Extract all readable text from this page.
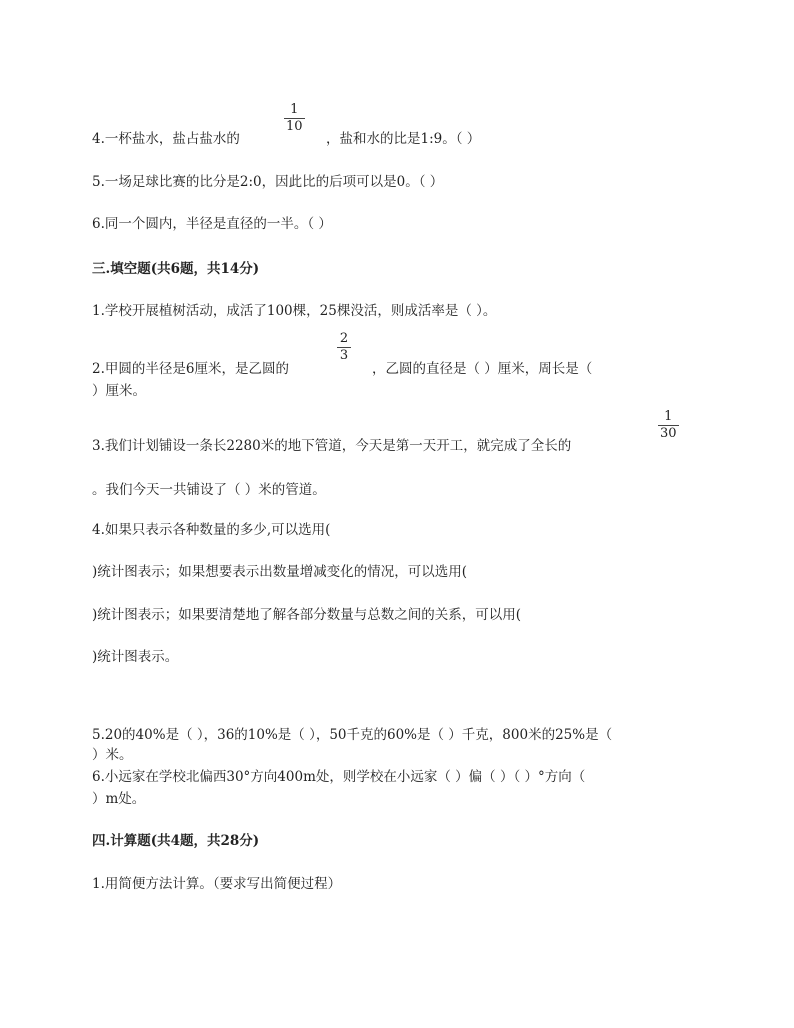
4.一杯盐水，盐占盐水的
1
10
，盐和水的比是1:9。（ ）
5.一场足球比赛的比分是2:0，因此比的后项可以是0。（ ）
6.同一个圆内，半径是直径的一半。（ ）
三.填空题(共6题，共14分)
1.学校开展植树活动，成活了100棵，25棵没活，则成活率是（ ）。
2.甲圆的半径是6厘米，是乙圆的
2
3
，乙圆的直径是（ ）厘米，周长是（
）厘米。
3.我们计划铺设一条长2280米的地下管道，今天是第一天开工，就完成了全长的
1
30
。我们今天一共铺设了（ ）米的管道。
4.如果只表示各种数量的多少,可以选用(
)统计图表示；如果想要表示出数量增减变化的情况，可以选用(
)统计图表示；如果要清楚地了解各部分数量与总数之间的关系，可以用(
)统计图表示。
5.20的40%是（ ），36的10%是（ ），50千克的60%是（ ）千克，800米的25%是（
）米。
6.小远家在学校北偏西30°方向400m处，则学校在小远家（ ）偏（ ）（ ）°方向（
）m处。
四.计算题(共4题，共28分)
1.用简便方法计算。（要求写出简便过程）
